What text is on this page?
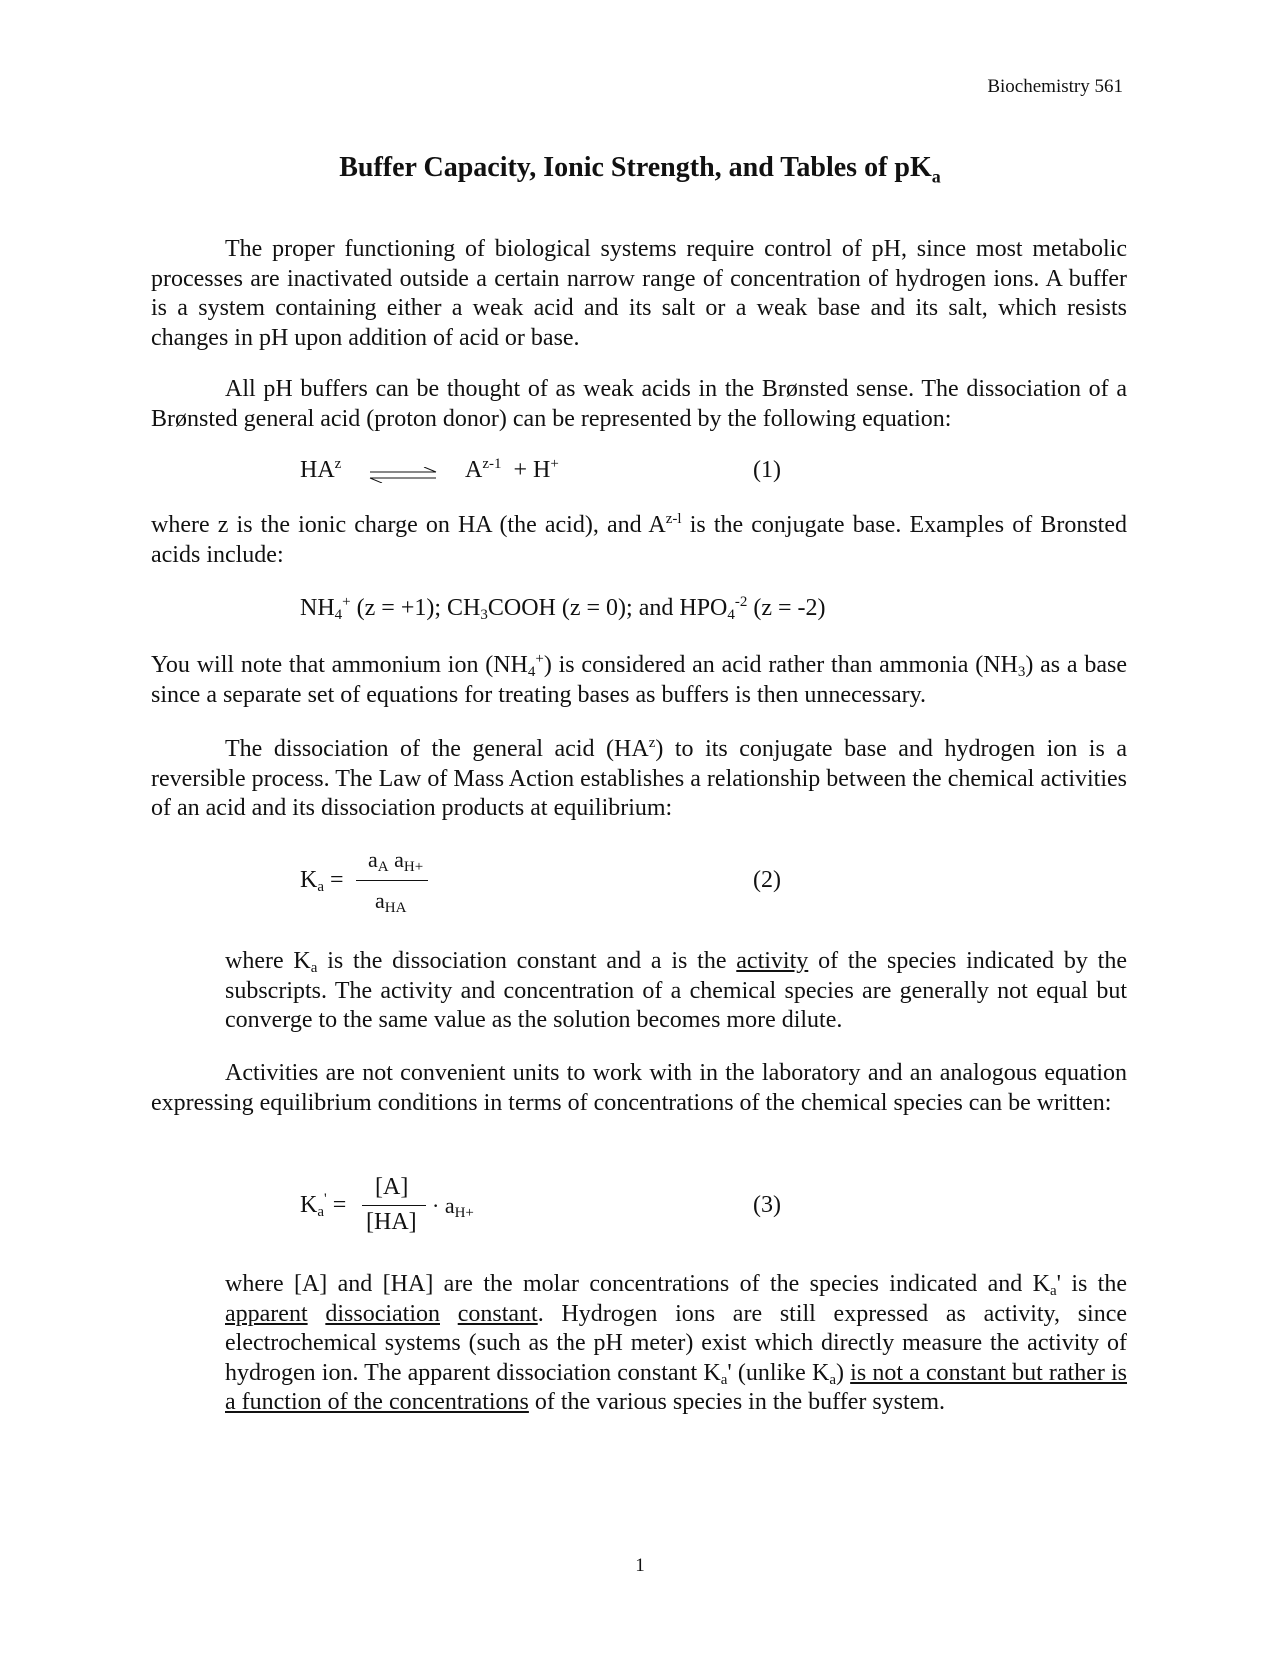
Biochemistry 561
Buffer Capacity, Ionic Strength, and Tables of $pK_a$

The proper functioning of biological systems require control of pH, since most metabolic processes are inactivated outside a certain narrow range of concentration of hydrogen ions. A buffer is a system containing either a weak acid and its salt or a weak base and its salt, which resists changes in pH upon addition of acid or base.

All pH buffers can be thought of as weak acids in the Brønsted sense. The dissociation of a Brønsted general acid (proton donor) can be represented by the following equation:

$HA^z$	$A^{z-1} + H^+$	(1)

where z is the ionic charge on HA (the acid), and $A^{z-l}$ is the conjugate base. Examples of Bronsted acids include:

$NH_4^+$ (z = +1); $CH_3COOH$ (z = 0); and $HPO_4^{-2}$ (z = -2)

You will note that ammonium ion $(NH_4^+)$ is considered an acid rather than ammonia $(NH_3)$ as a base since a separate set of equations for treating bases as buffers is then unnecessary.

The dissociation of the general acid $(HA^z)$ to its conjugate base and hydrogen ion is a reversible process. The Law of Mass Action establishes a relationship between the chemical activities of an acid and its dissociation products at equilibrium:

$K_a$ =
$a_A$ $a_{H+}$
$a_{HA}$
(2)

where $K_a$ is the dissociation constant and a is the activity of the species indicated by the subscripts. The activity and concentration of a chemical species are generally not equal but converge to the same value as the solution becomes more dilute.

Activities are not convenient units to work with in the laboratory and an analogous equation expressing equilibrium conditions in terms of concentrations of the chemical species can be written:

$K_a'$ =
[A]
[HA]
· $a_{H+}$	(3)

where [A] and [HA] are the molar concentrations of the species indicated and $K_a'$ is the apparent dissociation constant. Hydrogen ions are still expressed as activity, since electrochemical systems (such as the pH meter) exist which directly measure the activity of hydrogen ion. The apparent dissociation constant $K_a'$ (unlike $K_a$) is not a constant but rather is a function of the concentrations of the various species in the buffer system.

1
